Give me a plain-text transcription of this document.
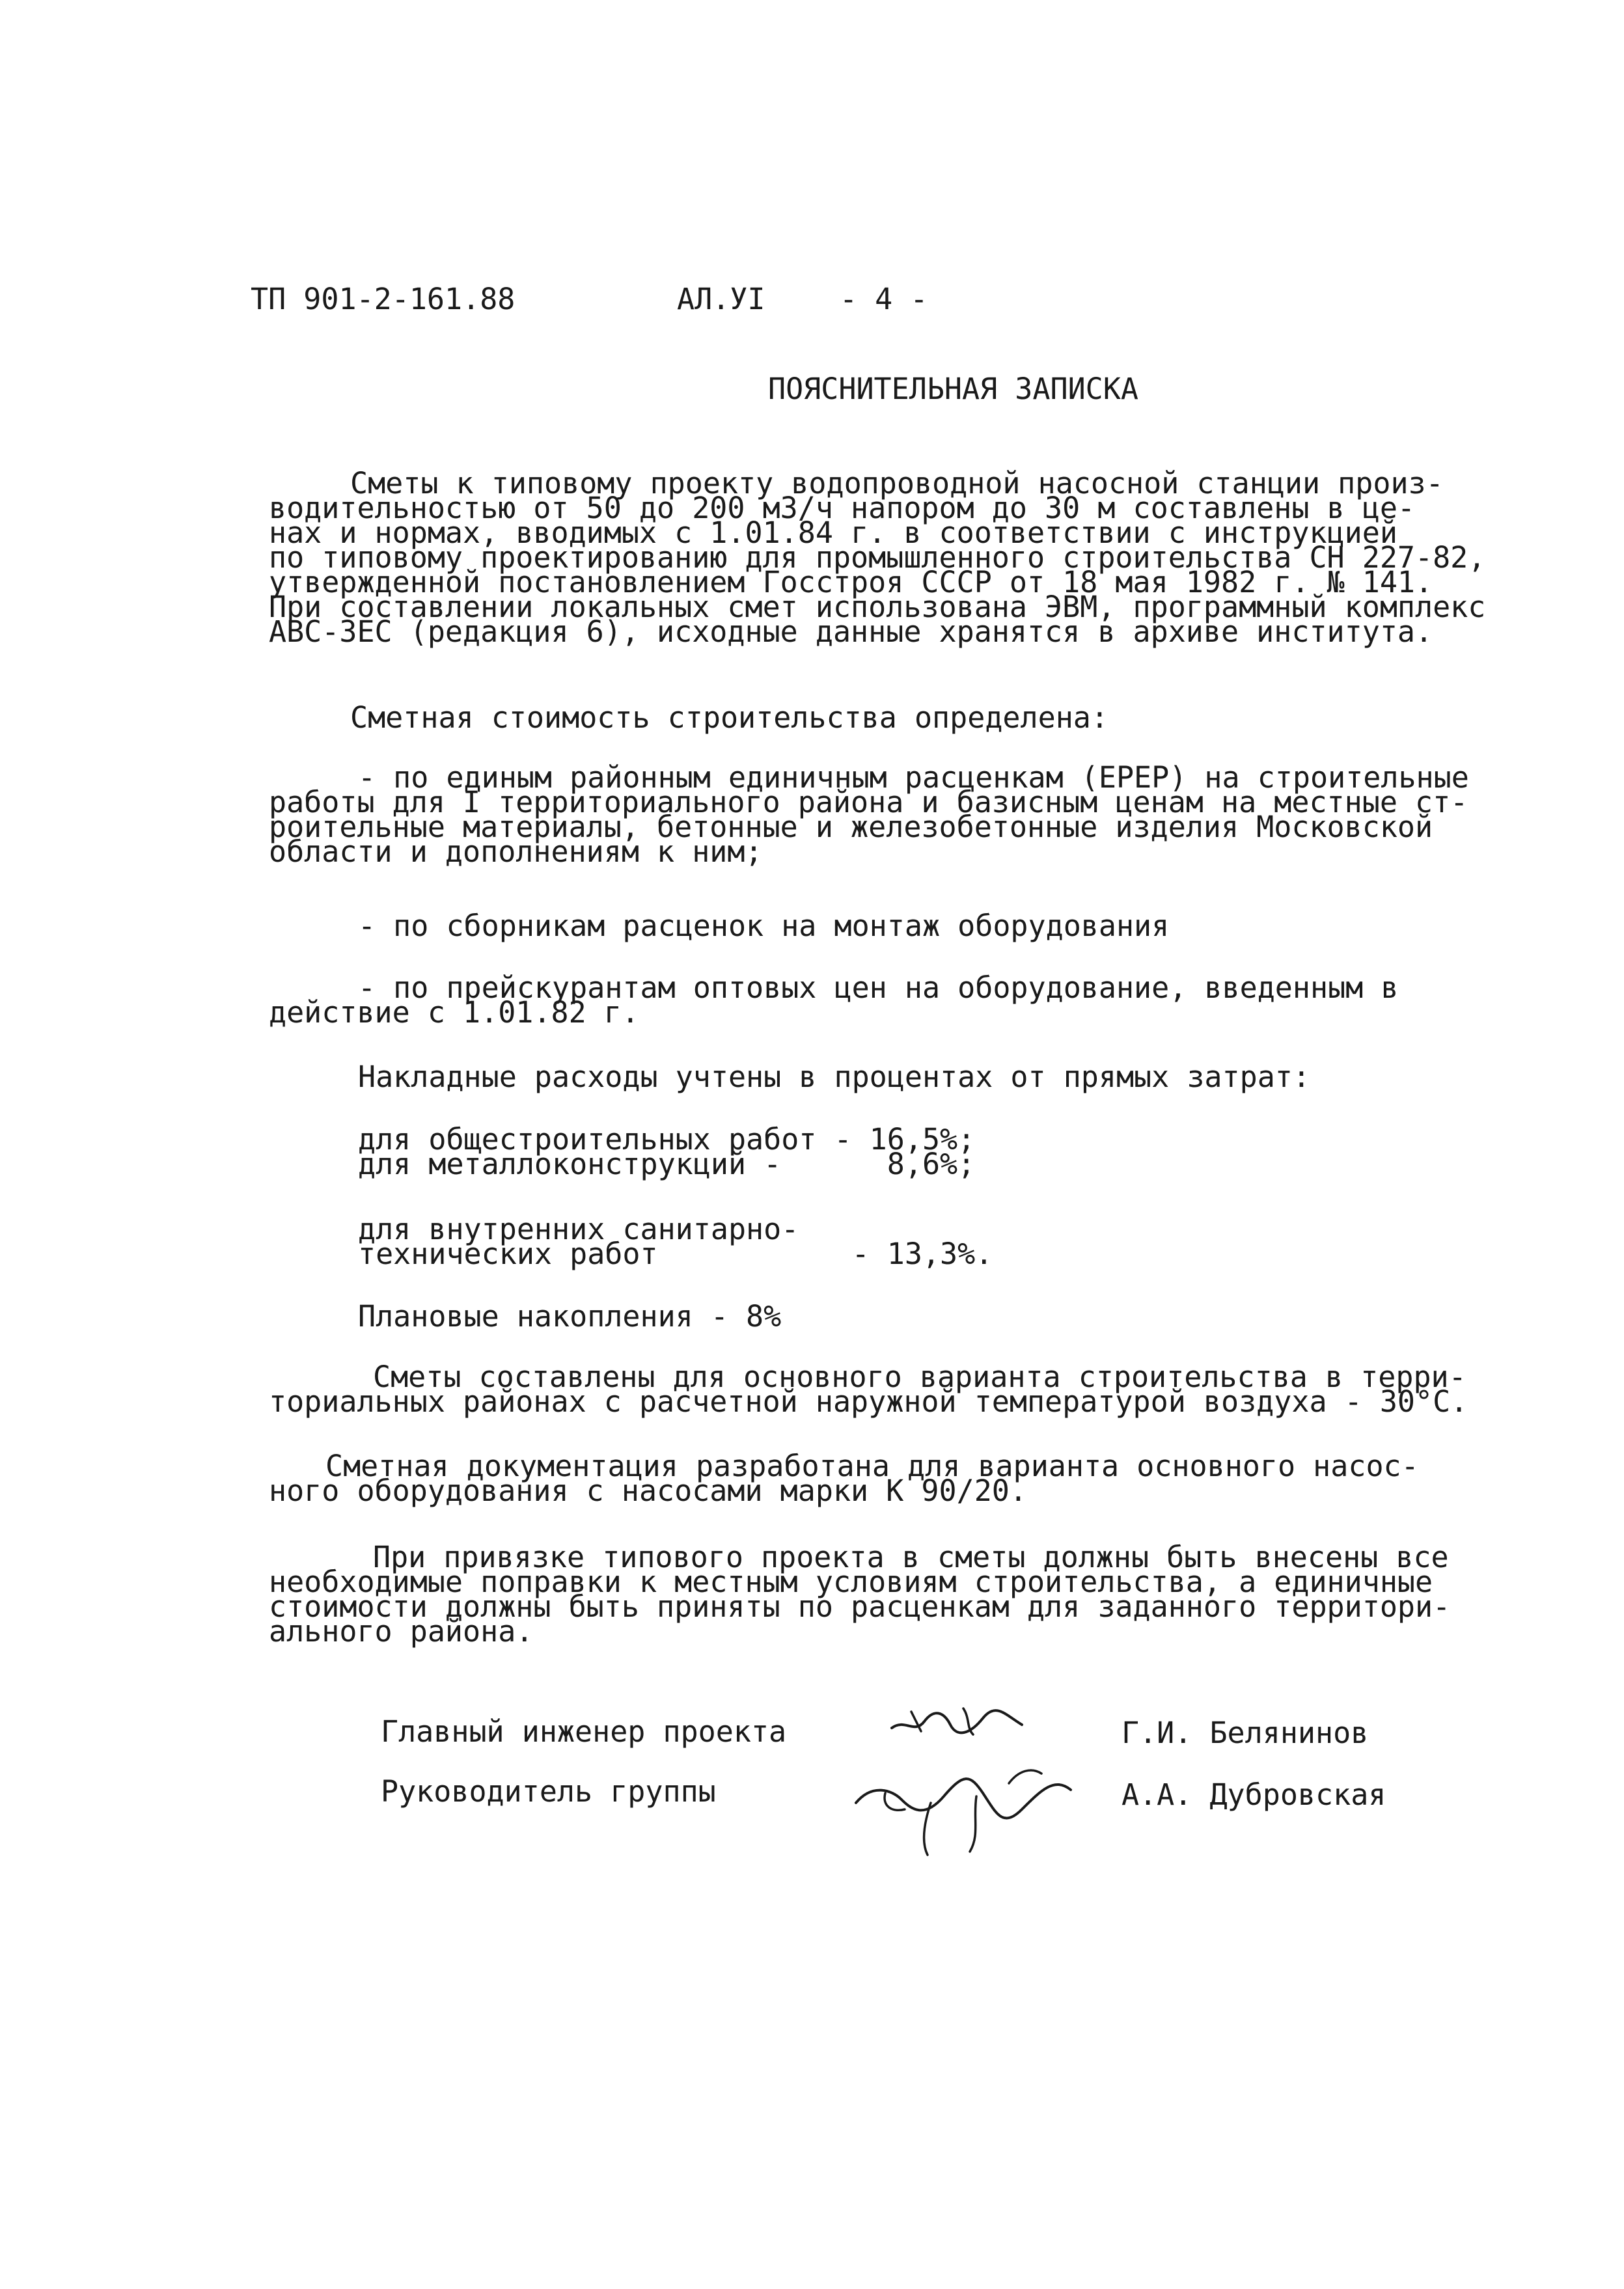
ТП 901-2-161.88	АЛ.УI	- 4 -
ПОЯСНИТЕЛЬНАЯ ЗАПИСКА
Сметы к типовому проекту водопроводной насосной станции произ-
водительностью от 50 до 200 м3/ч напором до 30 м составлены в це-
нах и нормах, вводимых с 1.01.84 г. в соответствии с инструкцией
по типовому проектированию для промышленного строительства СН 227-82,
утвержденной постановлением Госстроя СССР от 18 мая 1982 г. № 141.
При составлении локальных смет использована ЭВМ, программный комплекс
АВС-3ЕС (редакция 6), исходные данные хранятся в архиве института.
Сметная стоимость строительства определена:
- по единым районным единичным расценкам (ЕРЕР) на строительные
работы для I территориального района и базисным ценам на местные ст-
роительные материалы, бетонные и железобетонные изделия Московской
области и дополнениям к ним;
- по сборникам расценок на монтаж оборудования
- по прейскурантам оптовых цен на оборудование, введенным в
действие с 1.01.82 г.
Накладные расходы учтены в процентах от прямых затрат:
для общестроительных работ - 16,5%;
для металлоконструкций -      8,6%;
для внутренних санитарно-
технических работ           - 13,3%.
Плановые накопления - 8%
Сметы составлены для основного варианта строительства в терри-
ториальных районах с расчетной наружной температурой воздуха - 30°С.
Сметная документация разработана для варианта основного насос-
ного оборудования с насосами марки К 90/20.
При привязке типового проекта в сметы должны быть внесены все
необходимые поправки к местным условиям строительства, а единичные
стоимости должны быть приняты по расценкам для заданного территори-
ального района.
Главный инженер проекта	Г.И. Белянинов
Руководитель группы	А.А. Дубровская
